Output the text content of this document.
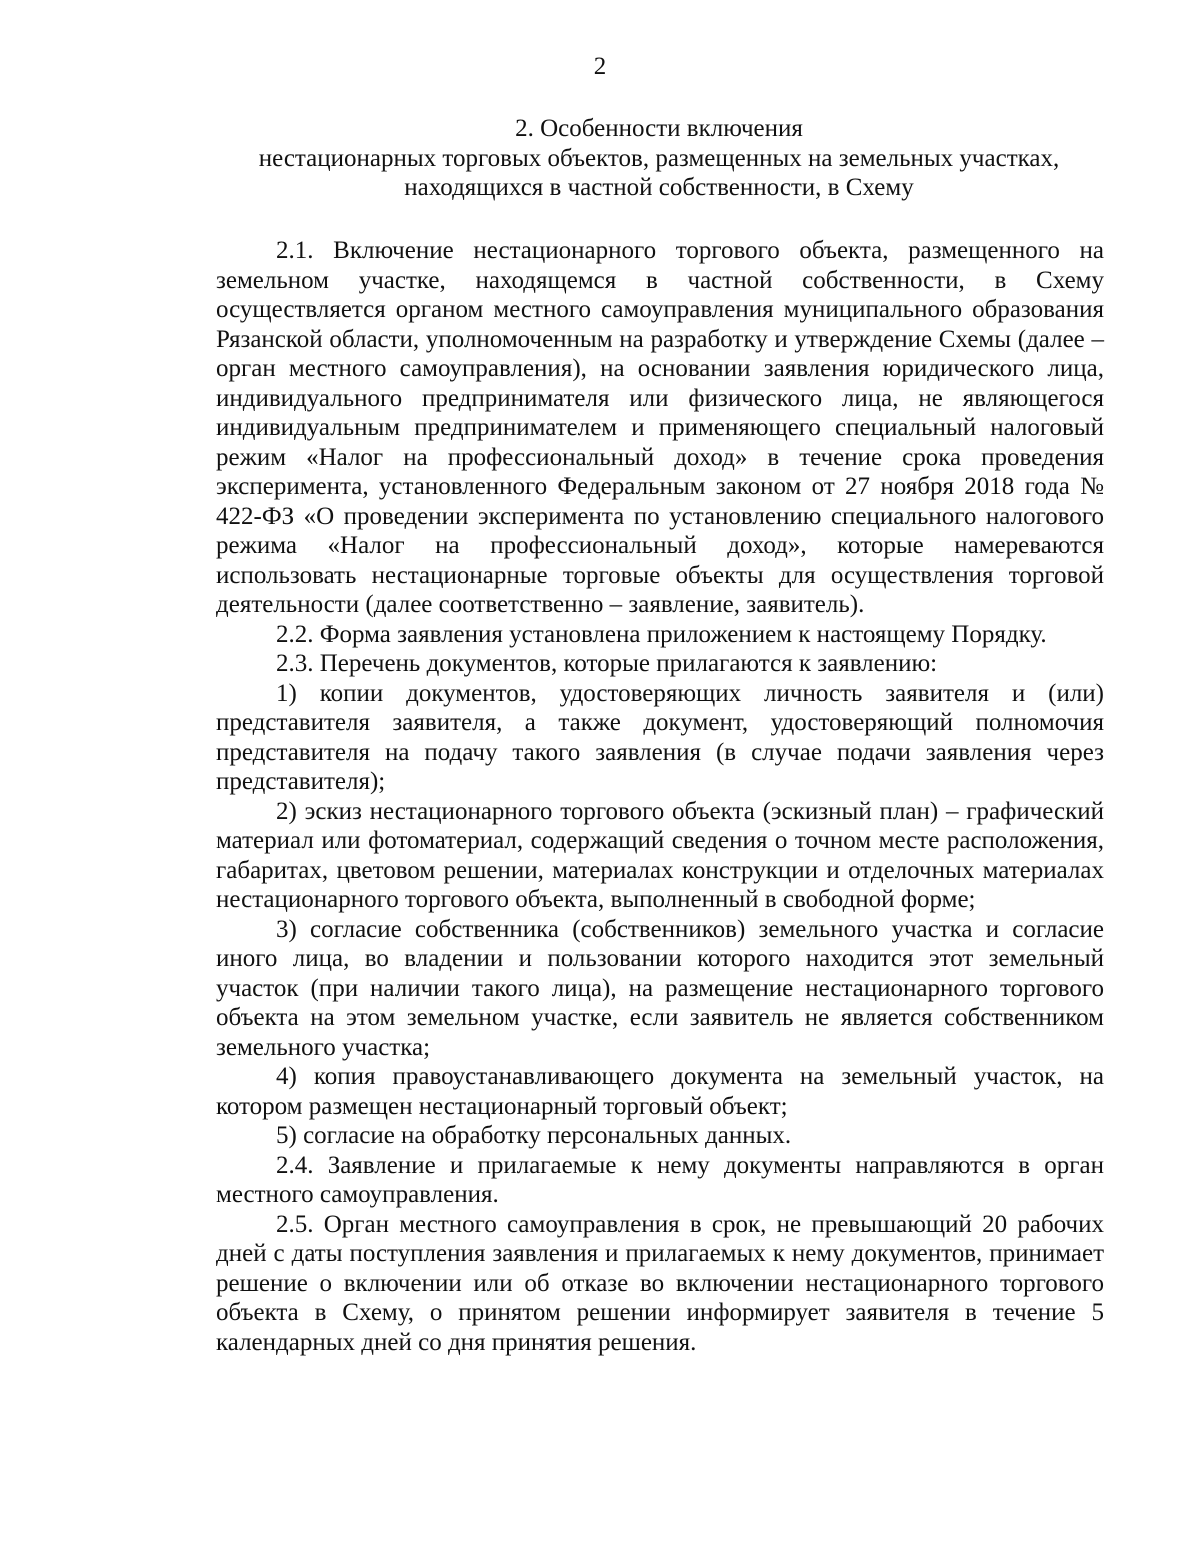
2
2. Особенности включения
нестационарных торговых объектов, размещенных на земельных участках,
находящихся в частной собственности, в Схему

2.1. Включение нестационарного торгового объекта, размещенного на земельном участке, находящемся в частной собственности, в Схему осуществляется органом местного самоуправления муниципального образования Рязанской области, уполномоченным на разработку и утверждение Схемы (далее – орган местного самоуправления), на основании заявления юридического лица, индивидуального предпринимателя или физического лица, не являющегося индивидуальным предпринимателем и применяющего специальный налоговый режим «Налог на профессиональный доход» в течение срока проведения эксперимента, установленного Федеральным законом от 27 ноября 2018 года № 422-ФЗ «О проведении эксперимента по установлению специального налогового режима «Налог на профессиональный доход», которые намереваются использовать нестационарные торговые объекты для осуществления торговой деятельности (далее соответственно – заявление, заявитель).

2.2. Форма заявления установлена приложением к настоящему Порядку.

2.3. Перечень документов, которые прилагаются к заявлению:

1) копии документов, удостоверяющих личность заявителя и (или) представителя заявителя, а также документ, удостоверяющий полномочия представителя на подачу такого заявления (в случае подачи заявления через представителя);

2) эскиз нестационарного торгового объекта (эскизный план) – графический материал или фотоматериал, содержащий сведения о точном месте расположения, габаритах, цветовом решении, материалах конструкции и отделочных материалах нестационарного торгового объекта, выполненный в свободной форме;

3) согласие собственника (собственников) земельного участка и согласие иного лица, во владении и пользовании которого находится этот земельный участок (при наличии такого лица), на размещение нестационарного торгового объекта на этом земельном участке, если заявитель не является собственником земельного участка;

4) копия правоустанавливающего документа на земельный участок, на котором размещен нестационарный торговый объект;

5) согласие на обработку персональных данных.

2.4. Заявление и прилагаемые к нему документы направляются в орган местного самоуправления.

2.5. Орган местного самоуправления в срок, не превышающий 20 рабочих дней с даты поступления заявления и прилагаемых к нему документов, принимает решение о включении или об отказе во включении нестационарного торгового объекта в Схему, о принятом решении информирует заявителя в течение 5 календарных дней со дня принятия решения.
